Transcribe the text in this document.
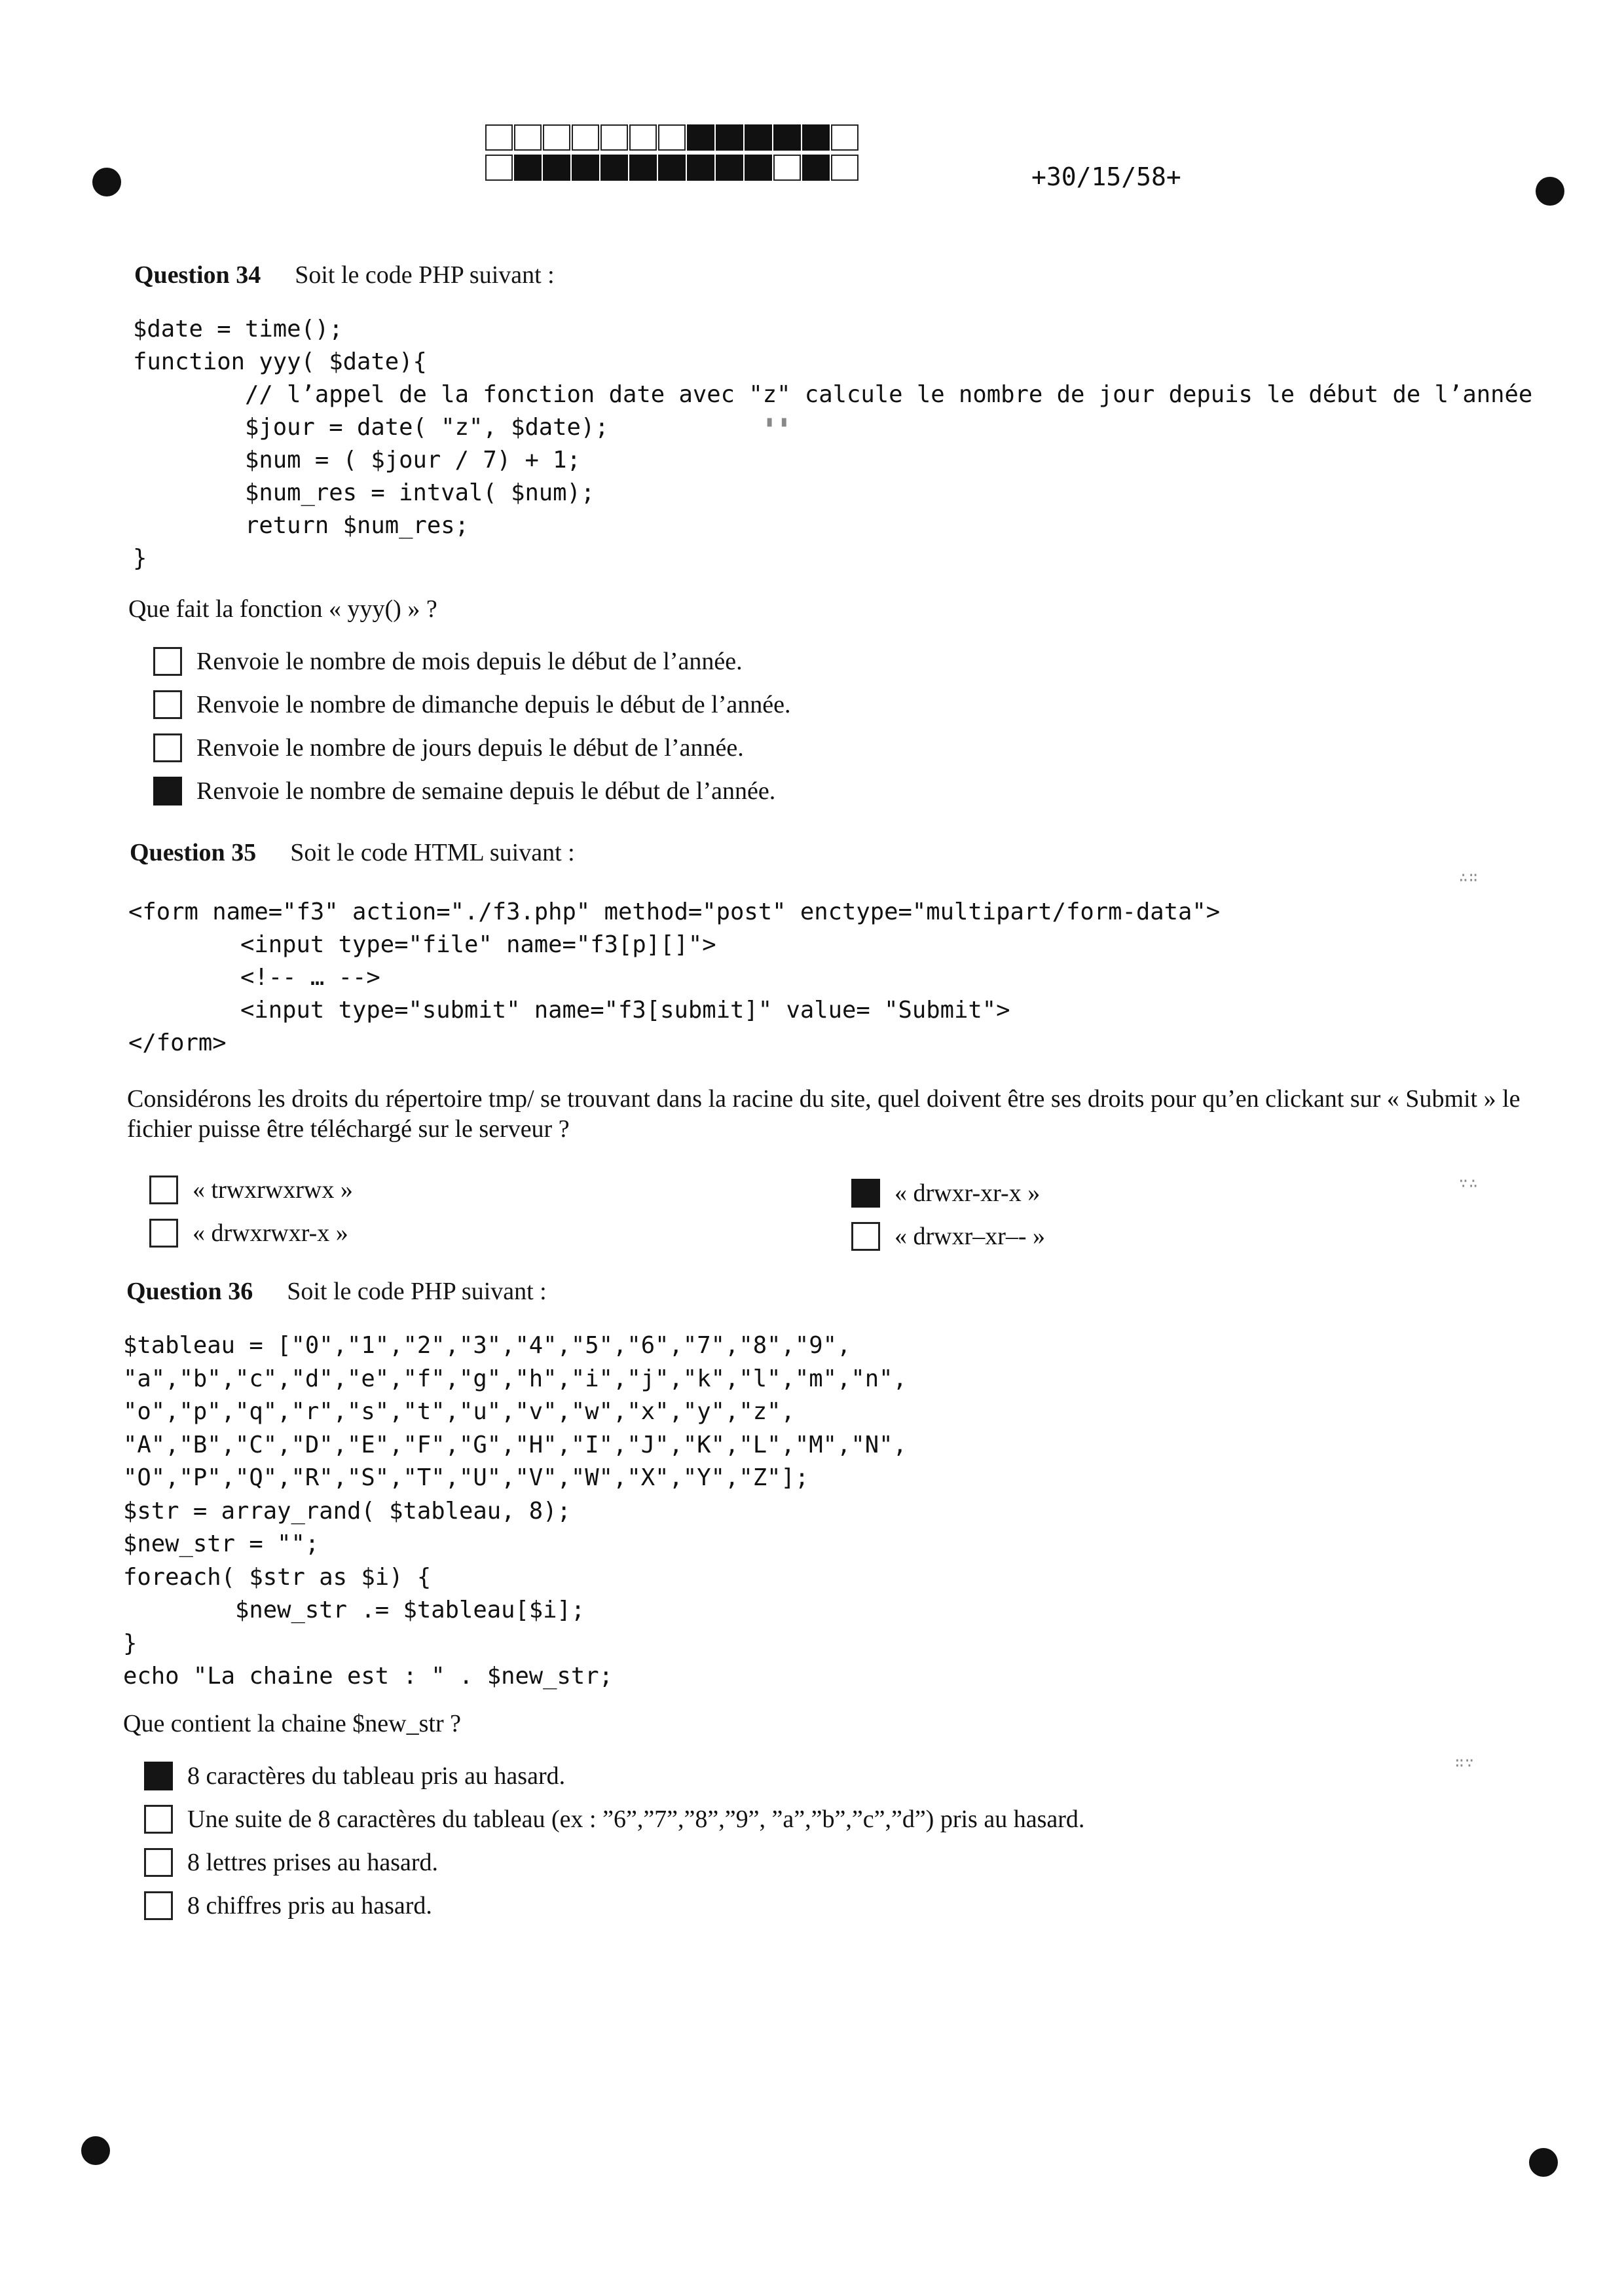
+30/15/58+
Question 34 Soit le code PHP suivant :
$date = time();
function yyy( $date){
// l’appel de la fonction date avec "z" calcule le nombre de jour depuis le début de l’année
$jour = date( "z", $date);
$num = ( $jour / 7) + 1;
$num_res = intval( $num);
return $num_res;
}
Que fait la fonction « yyy() » ?
Renvoie le nombre de mois depuis le début de l’année.
Renvoie le nombre de dimanche depuis le début de l’année.
Renvoie le nombre de jours depuis le début de l’année.
Renvoie le nombre de semaine depuis le début de l’année.
Question 35 Soit le code HTML suivant :
<form name="f3" action="./f3.php" method="post" enctype="multipart/form-data">
<input type="file" name="f3[p][]">
<!-- … -->
<input type="submit" name="f3[submit]" value= "Submit">
</form>
Considérons les droits du répertoire tmp/ se trouvant dans la racine du site, quel doivent être ses droits pour qu’en clickant sur « Submit » le fichier puisse être téléchargé sur le serveur ?
« trwxrwxrwx »
« drwxrwxr-x »
« drwxr-xr-x »
« drwxr–xr–- »
Question 36 Soit le code PHP suivant :
$tableau = ["0","1","2","3","4","5","6","7","8","9",
"a","b","c","d","e","f","g","h","i","j","k","l","m","n",
"o","p","q","r","s","t","u","v","w","x","y","z",
"A","B","C","D","E","F","G","H","I","J","K","L","M","N",
"O","P","Q","R","S","T","U","V","W","X","Y","Z"];
$str = array_rand( $tableau, 8);
$new_str = "";
foreach( $str as $i) {
$new_str .= $tableau[$i];
}
echo "La chaine est : " . $new_str;
Que contient la chaine $new_str ?
8 caractères du tableau pris au hasard.
Une suite de 8 caractères du tableau (ex : ”6”,”7”,”8”,”9”, ”a”,”b”,”c”,”d”) pris au hasard.
8 lettres prises au hasard.
8 chiffres pris au hasard.
▘▝
∴∷
∵∴
∷∵
